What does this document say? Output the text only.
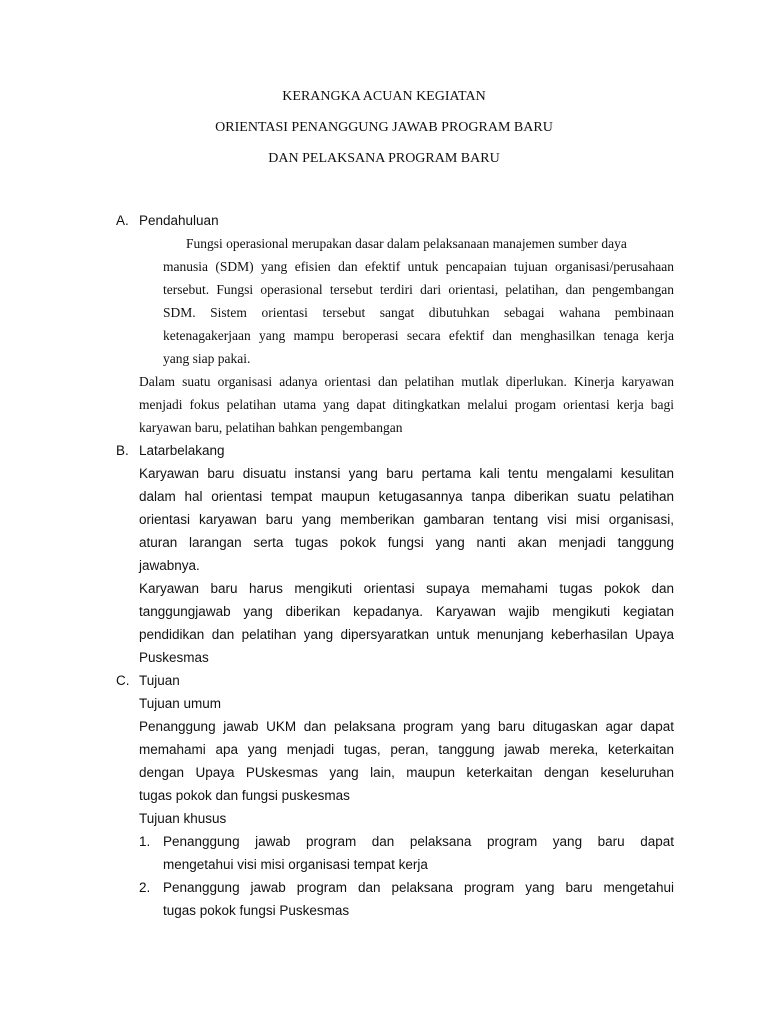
KERANGKA ACUAN KEGIATAN
ORIENTASI PENANGGUNG JAWAB PROGRAM BARU
DAN PELAKSANA PROGRAM BARU
A. Pendahuluan
Fungsi operasional merupakan dasar dalam pelaksanaan manajemen sumber daya
manusia (SDM) yang efisien dan efektif untuk pencapaian tujuan organisasi/perusahaan
tersebut. Fungsi operasional tersebut terdiri dari orientasi, pelatihan, dan pengembangan
SDM. Sistem orientasi tersebut sangat dibutuhkan sebagai wahana pembinaan
ketenagakerjaan yang mampu beroperasi secara efektif dan menghasilkan tenaga kerja
yang siap pakai.
Dalam suatu organisasi adanya orientasi dan pelatihan mutlak diperlukan. Kinerja karyawan
menjadi fokus pelatihan utama yang dapat ditingkatkan melalui progam orientasi kerja bagi
karyawan baru, pelatihan bahkan pengembangan
B. Latarbelakang
Karyawan baru disuatu instansi yang baru pertama kali tentu mengalami kesulitan
dalam hal orientasi tempat maupun ketugasannya tanpa diberikan suatu pelatihan
orientasi karyawan baru yang memberikan gambaran tentang visi misi organisasi,
aturan larangan serta tugas pokok fungsi yang nanti akan menjadi tanggung
jawabnya.
Karyawan baru harus mengikuti orientasi supaya memahami tugas pokok dan
tanggungjawab yang diberikan kepadanya. Karyawan wajib mengikuti kegiatan
pendidikan dan pelatihan yang dipersyaratkan untuk menunjang keberhasilan Upaya
Puskesmas
C. Tujuan
Tujuan umum
Penanggung jawab UKM dan pelaksana program yang baru ditugaskan agar dapat
memahami apa yang menjadi tugas, peran, tanggung jawab mereka, keterkaitan
dengan Upaya PUskesmas yang lain, maupun keterkaitan dengan keseluruhan
tugas pokok dan fungsi puskesmas
Tujuan khusus
1. Penanggung jawab program dan pelaksana program yang baru dapat
mengetahui visi misi organisasi tempat kerja
2. Penanggung jawab program dan pelaksana program yang baru mengetahui
tugas pokok fungsi Puskesmas
